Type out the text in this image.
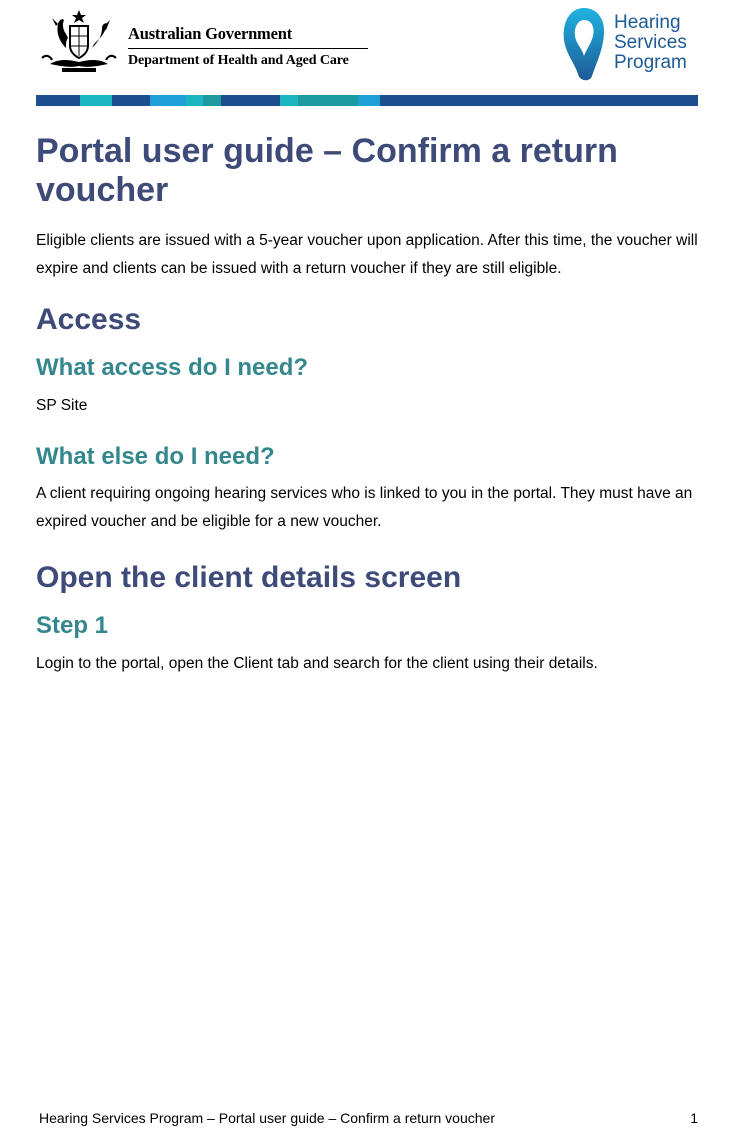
Australian Government
Department of Health and Aged Care
Hearing
Services
Program
Portal user guide – Confirm a return voucher

Eligible clients are issued with a 5-year voucher upon application. After this time, the voucher will expire and clients can be issued with a return voucher if they are still eligible.

Access
What access do I need?

SP Site

What else do I need?

A client requiring ongoing hearing services who is linked to you in the portal. They must have an expired voucher and be eligible for a new voucher.

Open the client details screen
Step 1

Login to the portal, open the Client tab and search for the client using their details.

Hearing Services Program – Portal user guide – Confirm a return voucher	1
